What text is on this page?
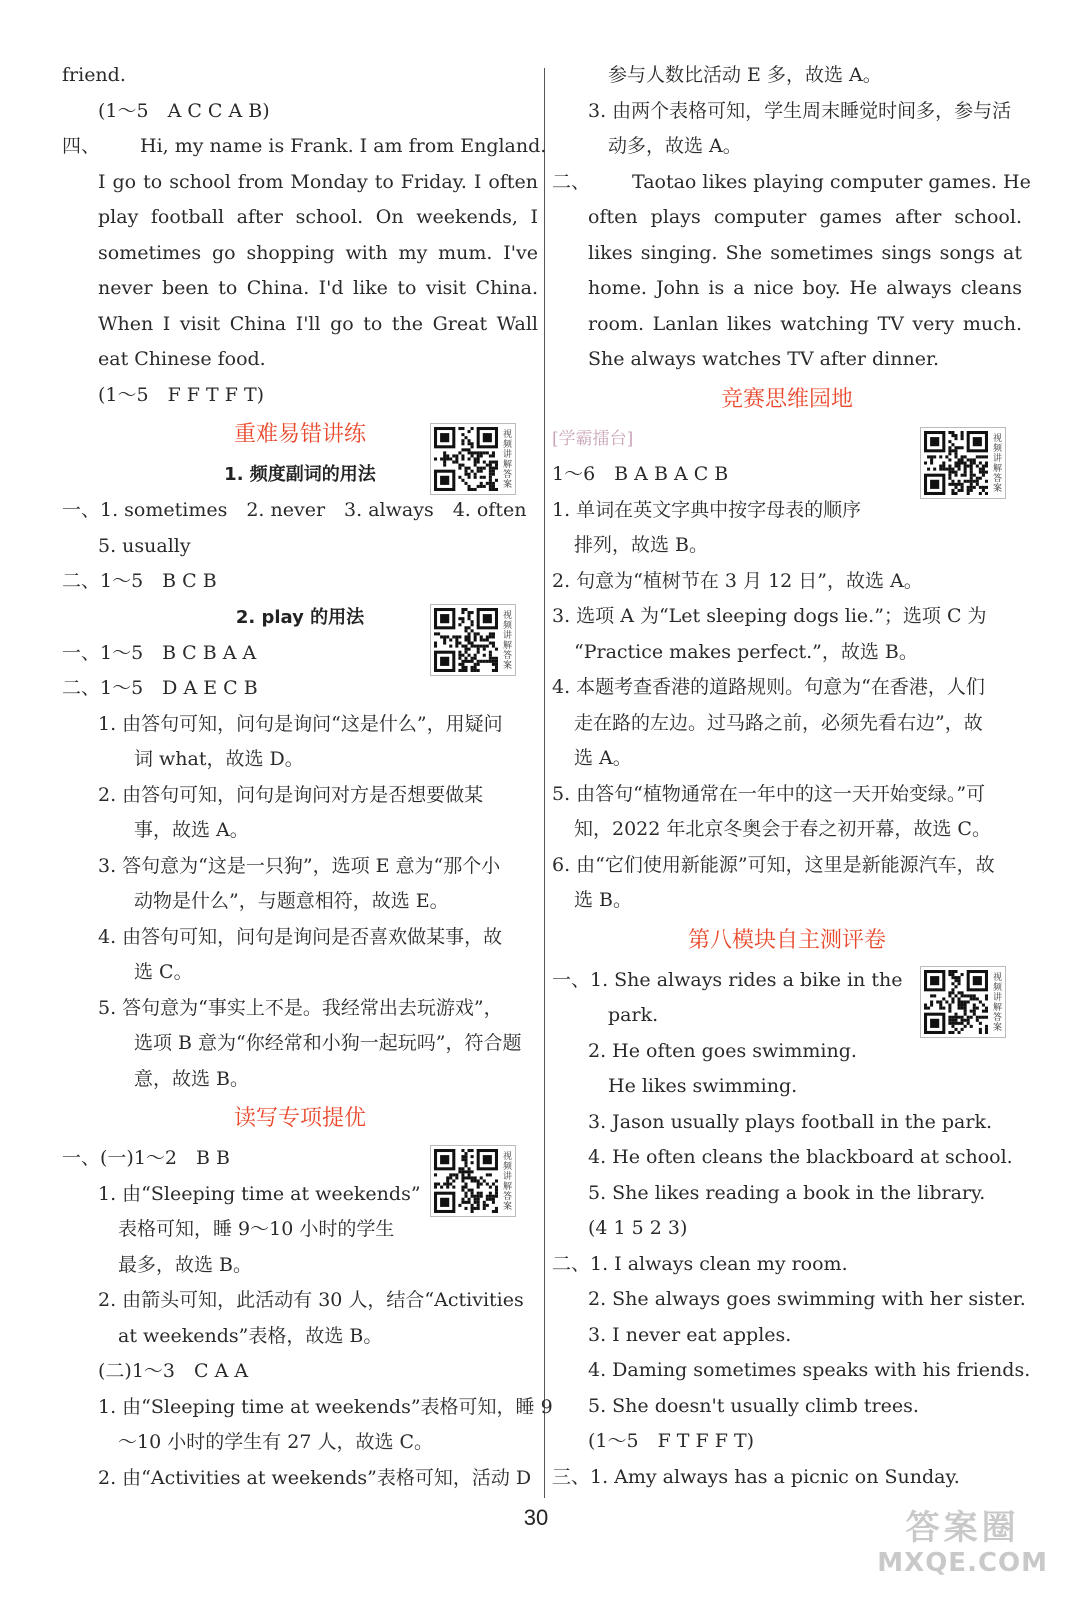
friend.
(1～5　A C C A B)
四、 Hi, my name is Frank. I am from England.
I go to school from Monday to Friday. I often
play football after school. On weekends, I
sometimes go shopping with my mum. I've
never been to China. I'd like to visit China.
When I visit China I'll go to the Great Wall
eat Chinese food.
(1～5　F F T F T)
重难易错讲练
1. 频度副词的用法
一、1. sometimes　2. never　3. always　4. often
5. usually
二、1～5　B C B
2. play 的用法
一、1～5　B C B A A
二、1～5　D A E C B
1. 由答句可知，问句是询问“这是什么”，用疑问
词 what，故选 D。
2. 由答句可知，问句是询问对方是否想要做某
事，故选 A。
3. 答句意为“这是一只狗”，选项 E 意为“那个小
动物是什么”，与题意相符，故选 E。
4. 由答句可知，问句是询问是否喜欢做某事，故
选 C。
5. 答句意为“事实上不是。我经常出去玩游戏”，
选项 B 意为“你经常和小狗一起玩吗”，符合题
意，故选 B。
读写专项提优
一、(一)1～2　B B
1. 由“Sleeping time at weekends”
表格可知，睡 9～10 小时的学生
最多，故选 B。
2. 由箭头可知，此活动有 30 人，结合“Activities
at weekends”表格，故选 B。
(二)1～3　C A A
1. 由“Sleeping time at weekends”表格可知，睡 9
～10 小时的学生有 27 人，故选 C。
2. 由“Activities at weekends”表格可知，活动 D
参与人数比活动 E 多，故选 A。
3. 由两个表格可知，学生周末睡觉时间多，参与活
动多，故选 A。
二、 Taotao likes playing computer games. He
often plays computer games after school.
likes singing. She sometimes sings songs at
home. John is a nice boy. He always cleans
room. Lanlan likes watching TV very much.
She always watches TV after dinner.
竞赛思维园地
[学霸擂台]
1～6　B A B A C B
1. 单词在英文字典中按字母表的顺序
排列，故选 B。
2. 句意为“植树节在 3 月 12 日”，故选 A。
3. 选项 A 为“Let sleeping dogs lie.”；选项 C 为
“Practice makes perfect.”，故选 B。
4. 本题考查香港的道路规则。句意为“在香港，人们
走在路的左边。过马路之前，必须先看右边”，故
选 A。
5. 由答句“植物通常在一年中的这一天开始变绿。”可
知，2022 年北京冬奥会于春之初开幕，故选 C。
6. 由“它们使用新能源”可知，这里是新能源汽车，故
选 B。
第八模块自主测评卷
一、1. She always rides a bike in the
park.
2. He often goes swimming.
He likes swimming.
3. Jason usually plays football in the park.
4. He often cleans the blackboard at school.
5. She likes reading a book in the library.
(4 1 5 2 3)
二、1. I always clean my room.
2. She always goes swimming with her sister.
3. I never eat apples.
4. Daming sometimes speaks with his friends.
5. She doesn't usually climb trees.
(1～5　F T F F T)
三、1. Amy always has a picnic on Sunday.
视频讲解答案
视频讲解答案
视频讲解答案
视频讲解答案
视频讲解答案
30	答案圈
MXQE.COM
